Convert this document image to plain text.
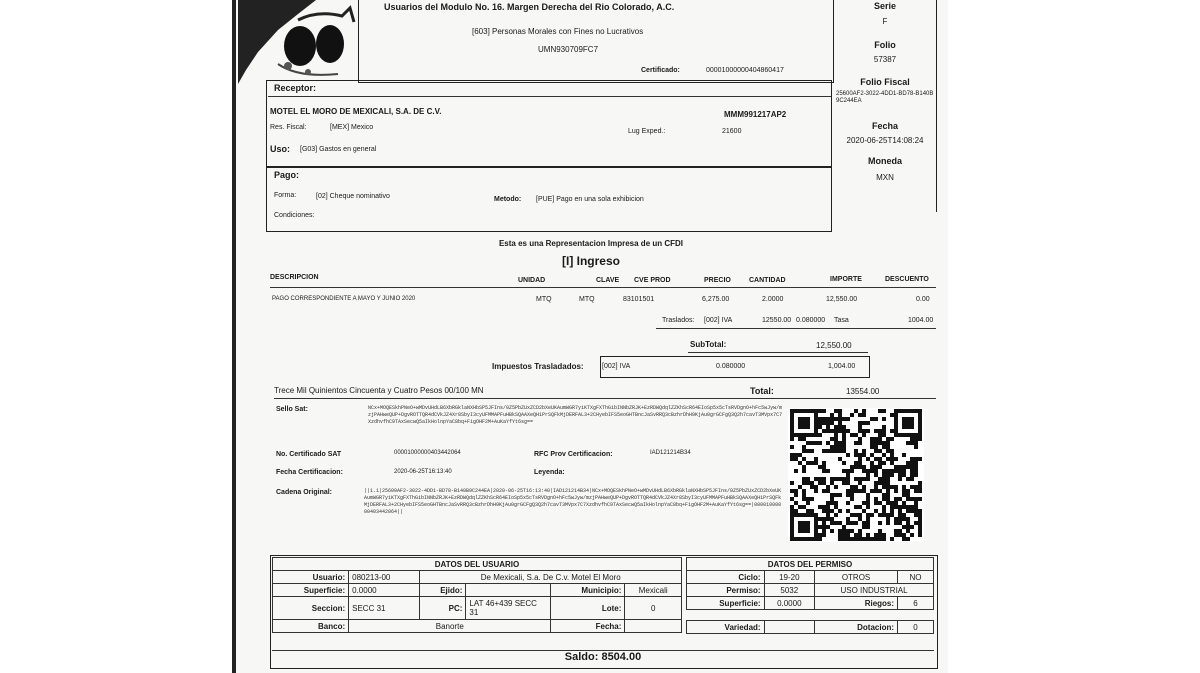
Usuarios del Modulo No. 16. Margen Derecha del Rio Colorado, A.C.
[603] Personas Morales con Fines no Lucrativos
UMN930709FC7
Certificado:	00001000000404860417
Serie
F
Folio
57387
Folio Fiscal
25600AF2-3022-4DD1-BD78-B140B9C244EA
Fecha
2020-06-25T14:08:24
Moneda
MXN
Receptor:
MOTEL EL MORO DE MEXICALI, S.A. DE C.V.	MMM991217AP2
Res. Fiscal:	[MEX] Mexico
Lug Exped.:	21600
Uso: [G03] Gastos en general
Pago:
Forma:	[02] Cheque nominativo	Metodo: [PUE] Pago en una sola exhibicion
Condiciones:
Esta es una Representacion Impresa de un CFDI
[I] Ingreso
DESCRIPCION	UNIDAD	CLAVE CVE PROD	PRECIO	CANTIDAD	IMPORTE	DESCUENTO
PAGO CORRESPONDIENTE A MAYO Y JUNIO 2020	MTQ	MTQ	83101501	6,275.00	2.0000	12,550.00	0.00
Traslados: [002] IVA	12550.00 0.080000 Tasa	1004.00
SubTotal:	12,550.00
Impuestos Trasladados:	[002] IVA	0.080000	1,004.00
Trece Mil Quinientos Cincuenta y Cuatro Pesos 00/100 MN	Total:	13554.00
Sello Sat:	NCx+MOQESkhPNeO+wMDvUHdLB6XbRGklaNXHbSP5JFIns/0Z5PbZUxZCD2bXeUKAumWGR7yiKTXgFXThGibINNbZRJK+EzRDWQdqlZZKhScR64EIoSp5x5cTsRVDgnO+hFc5wJyw/mzjPAHweQUP+DgvROTTQR4dCVkJZ4Xr8SbyI3cyUFMMAPFuHBkSQAAXeQH1PrSQFkMjDERFAL3+2CHyebIFS5eoGHTBncJaSvRRQ3cBzhrDhH9KjAu0grGCFgQ3Q2h7cavT3MVpx7C7XzdhvfhC9TAxSecwQ5aIkHolnpYaC8bq+FigOHF2M+AuKaYfYt6sg==
No. Certificado SAT	00001000000403442064	RFC Prov Certificacion:	IAD121214B34
Fecha Certificacion:	2020-06-25T16:13:40	Leyenda:
Cadena Original:	||1.1|25600AF2-3022-4DD1-BD78-B140B9C244EA|2020-06-25T16:13:40|IAD121214B34|NCx+MOQESkhPNeO+wMDvUHdLB6XbRGklaNXHbSP5JFIns/0Z5PbZUxZCD2bXeUKAumWGR7yiKTXgFXThGibINNbZRJK+EzRDWQdqlZZKhScR64EIoSp5x5cTsRVDgnO+hFc5wJyw/mzjPAHweQUP+DgvROTTQR4dCVkJZ4Xr8SbyI3cyUFMMAPFuHBkSQAAXeQH1PrSQFkMjDERFAL3+2CHyebIFS5eoGHTBncJaSvRRQ3cBzhrDhH9KjAu0grGCFgQ3Q2h7cavT3MVpx7C7XzdhvfhC9TAxSecwQ5aIkHolnpYaC8bq+FigOHF2M+AuKaYfYt6sg==|00001000000403442064||
DATOS DEL USUARIO					
Usuario:	080213-00	De Mexicali, S.a. De C.v. Motel El Moro			
Superficie:	0.0000	Ejido:		Municipio:	Mexicali
Seccion:	SECC 31	PC:	LAT 46+439 SECC 31	Lote:	0
Banco:	Banorte			Fecha:	
DATOS DEL PERMISO			
Ciclo:	19-20	OTROS	NO
Permiso:	5032	USO INDUSTRIAL	
Superficie:	0.0000	Riegos:	6

Variedad:		Dotacion:	0
Saldo: 8504.00
